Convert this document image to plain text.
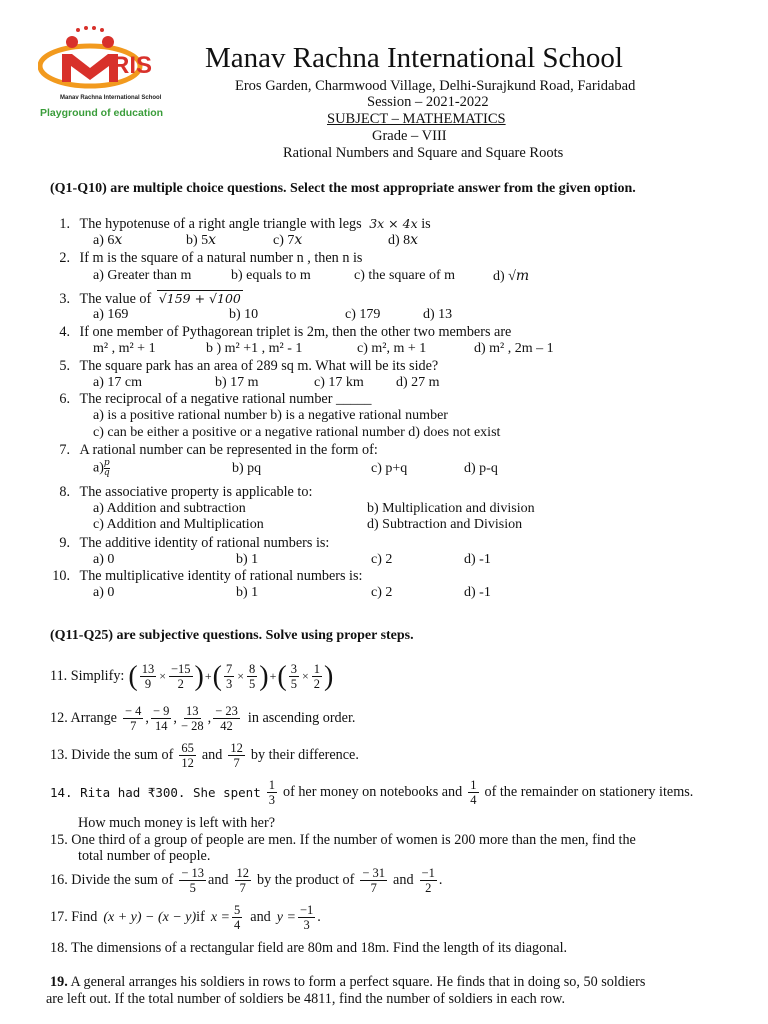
RIS
Manav Rachna International School
Playground of education
Manav Rachna International School
Eros Garden, Charmwood Village, Delhi-Surajkund Road, Faridabad
Session – 2021-2022
SUBJECT – MATHEMATICS
Grade – VIII
Rational Numbers and Square and Square Roots
(Q1-Q10) are multiple choice questions. Select the most appropriate answer from the given option.
1. The hypotenuse of a right angle triangle with legs 3𝑥 × 4𝑥 is
a) 6𝑥	b) 5𝑥	c) 7𝑥	d) 8𝑥
2. If m is the square of a natural number n , then n is
a) Greater than m	b) equals to m	c) the square of m	d) √𝑚
3. The value of √159 + √100
a) 169	b) 10	c) 179	d) 13
4. If one member of Pythagorean triplet is 2m, then the other two members are
m² , m² + 1	b ) m² +1 , m² - 1	c) m², m + 1	d) m² , 2m – 1
5. The square park has an area of 289 sq m. What will be its side?
a) 17 cm	b) 17 m	c) 17 km d) 27 m
6. The reciprocal of a negative rational number _____
a) is a positive rational number b) is a negative rational number
c) can be either a positive or a negative rational number d) does not exist
7. A rational number can be represented in the form of:
$a) \frac{p}{q}$	b) pq	c) p+q	d) p-q
8. The associative property is applicable to:
a) Addition and subtraction	b) Multiplication and division
c) Addition and Multiplication	d) Subtraction and Division
9. The additive identity of rational numbers is:
a) 0	b) 1	c) 2	d) -1
10. The multiplicative identity of rational numbers is:
a) 0	b) 1	c) 2	d) -1
(Q11-Q25) are subjective questions. Solve using proper steps.
11. Simplify: ( $\frac{13}{9} \times \frac{-15}{2}$ ) + ( $\frac{7}{3} \times \frac{8}{5}$ ) + ( $\frac{3}{5} \times \frac{1}{2}$ )
12. Arrange $\frac{- 4}{7}$ , $\frac{- 9}{14}$ , $\frac{13}{- 28}$ , $\frac{- 23}{42}$ in ascending order.
13. Divide the sum of $\frac{65}{12}$ and $\frac{12}{7}$ by their difference.
14. Rita had ₹300. She spent $\frac{1}{3}$ of her money on notebooks and $\frac{1}{4}$ of the remainder on stationery items.
How much money is left with her?
15. One third of a group of people are men. If the number of women is 200 more than the men, find the
total number of people.
16. Divide the sum of $\frac{- 13}{5}$ and $\frac{12}{7}$ by the product of $\frac{- 31}{7}$ and $\frac{-1}{2}$ .
17. Find (x + y) − (x − y) if $x = \frac{5}{4}$ and $y = \frac{-1}{3}$ .
18. The dimensions of a rectangular field are 80m and 18m. Find the length of its diagonal.
19. A general arranges his soldiers in rows to form a perfect square. He finds that in doing so, 50 soldiers
are left out. If the total number of soldiers be 4811, find the number of soldiers in each row.
